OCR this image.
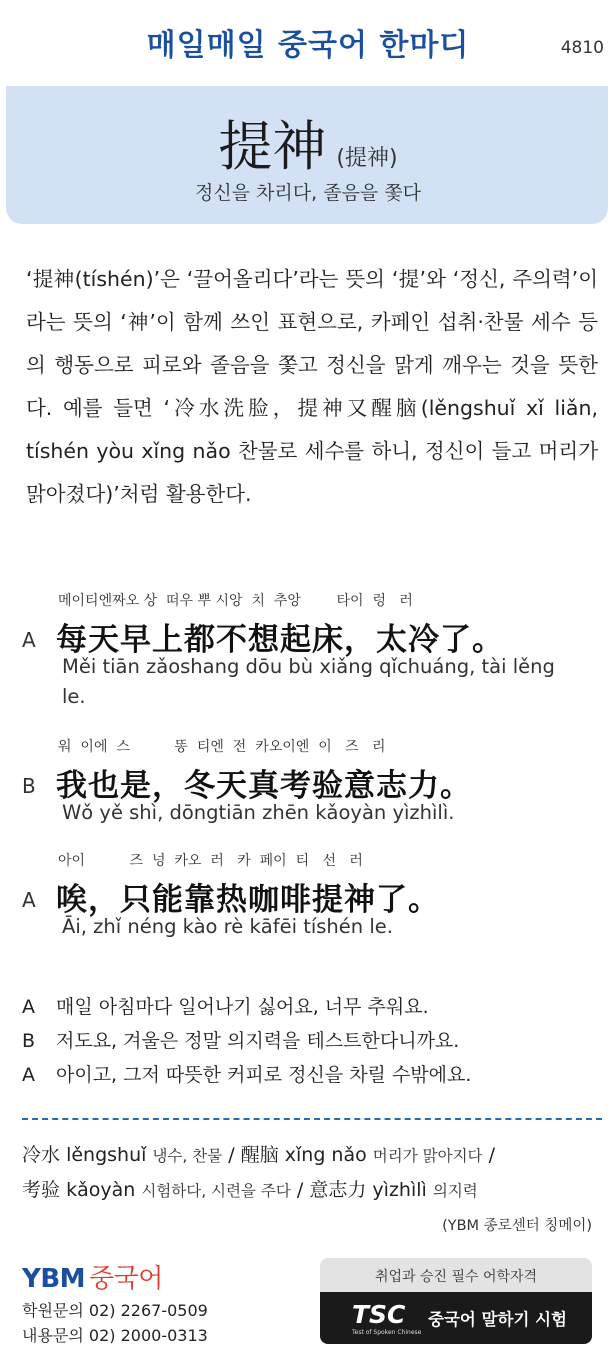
매일매일 중국어 한마디	4810
提神 (提神)
정신을 차리다, 졸음을 쫓다
‘提神(tíshén)’은 ‘끌어올리다’라는 뜻의 ‘提’와 ‘정신, 주의력’이라는 뜻의 ‘神’이 함께 쓰인 표현으로, 카페인 섭취·찬물 세수 등의 행동으로 피로와 졸음을 쫓고 정신을 맑게 깨우는 것을 뜻한다. 예를 들면 ‘冷水洗脸，提神又醒脑(lěngshuǐ xǐ liǎn, tíshén yòu xǐng nǎo 찬물로 세수를 하니, 정신이 들고 머리가 맑아졌다)’처럼 활용한다.
메이티엔짜오 상  떠우 뿌 시앙  치  추앙        타이  렁   러
A 每天早上都不想起床，太冷了。
Měi tiān zǎoshang dōu bù xiǎng qǐchuáng, tài lěng le.
워  이에  스          똥  티엔  전  카오이엔  이   즈   리
B 我也是，冬天真考验意志力。
Wǒ yě shì, dōngtiān zhēn kǎoyàn yìzhìlì.
아이          즈  넝  카오  러   카  페이  티   선   러
A 唉，只能靠热咖啡提神了。
Āi, zhǐ néng kào rè kāfēi tíshén le.
A	매일 아침마다 일어나기 싫어요, 너무 추워요.
B	저도요, 겨울은 정말 의지력을 테스트한다니까요.
A	아이고, 그저 따뜻한 커피로 정신을 차릴 수밖에요.
冷水 lěngshuǐ 냉수, 찬물 / 醒脑 xǐng nǎo 머리가 맑아지다 /
考验 kǎoyàn 시험하다, 시련을 주다 / 意志力 yìzhìlì 의지력
(YBM 종로센터 칭메이)
YBM 중국어
학원문의 02) 2267-0509
내용문의 02) 2000-0313
취업과 승진 필수 어학자격
TSC
Test of Spoken Chinese
중국어 말하기 시험
